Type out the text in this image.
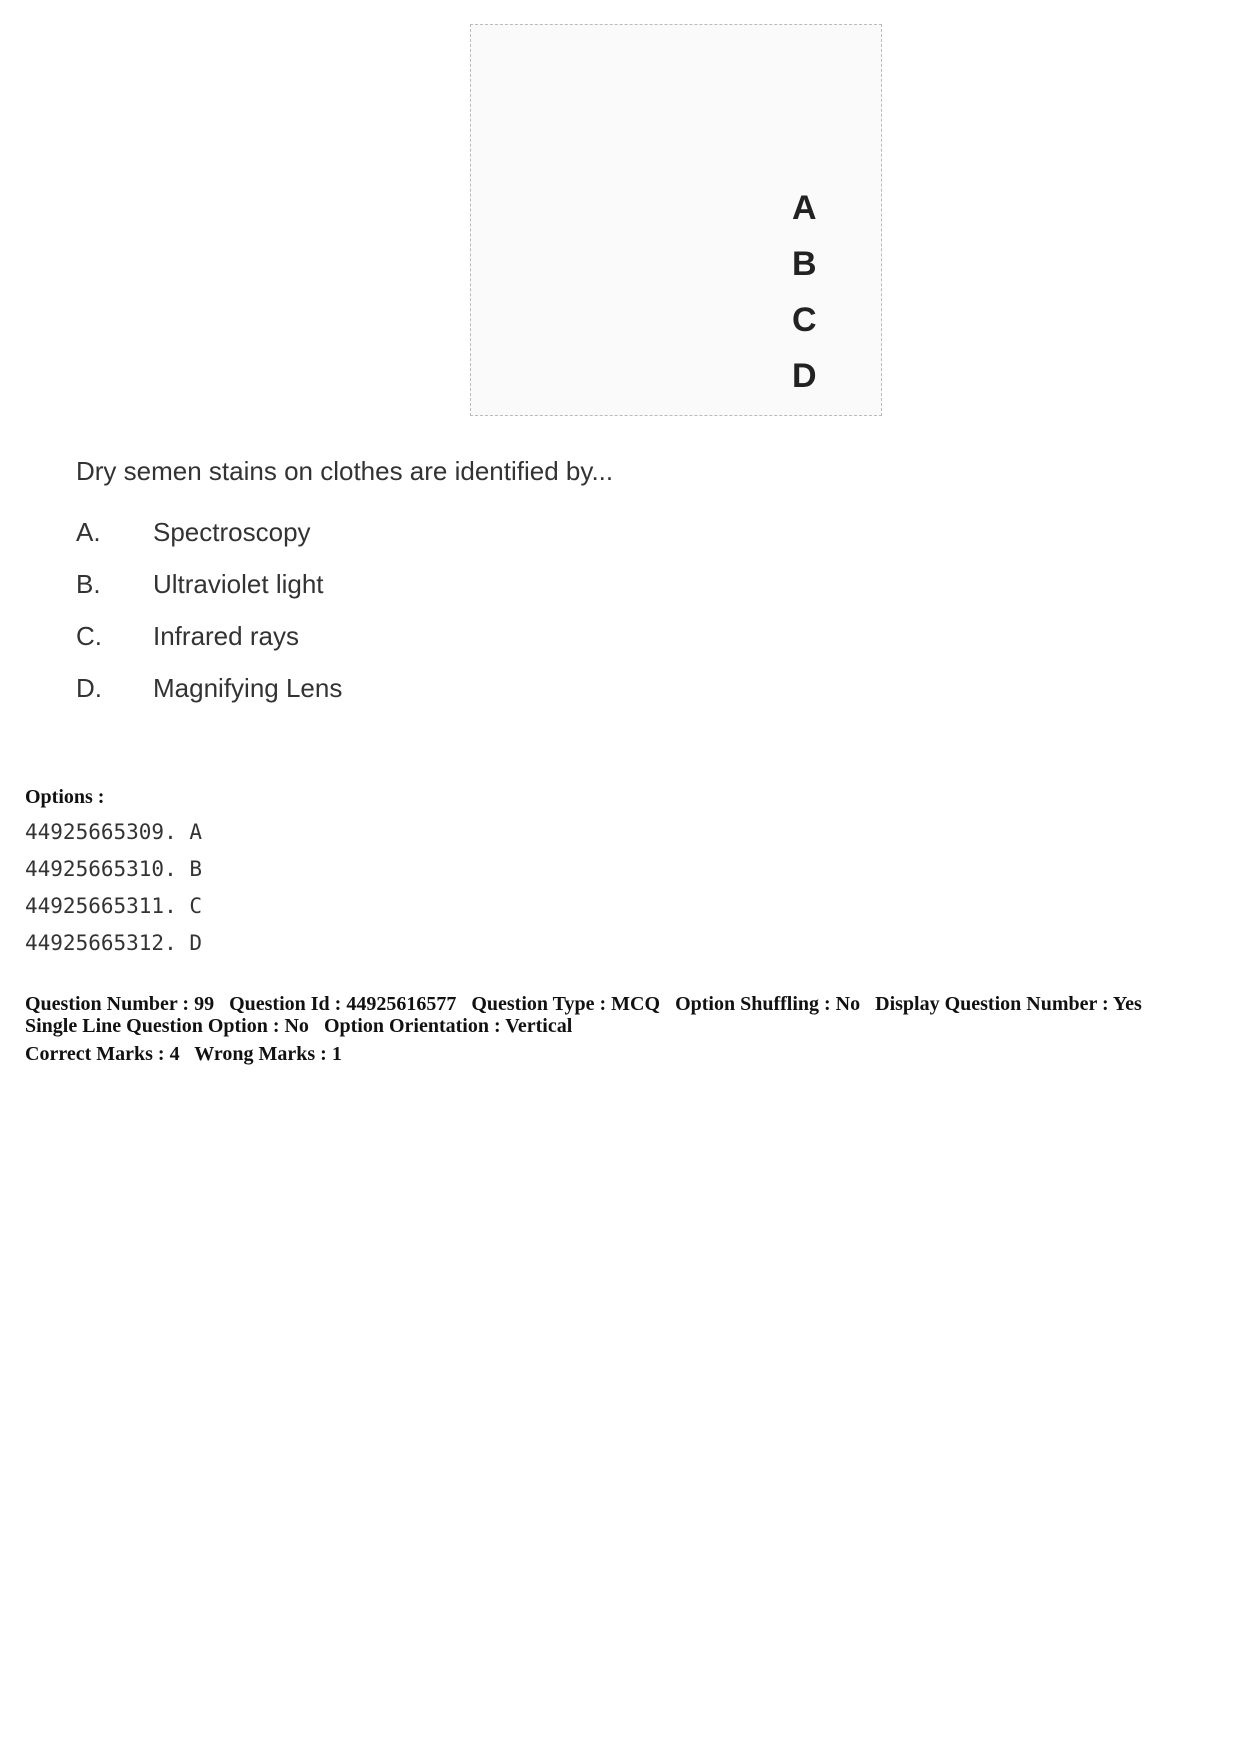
A
B
C
D
Dry semen stains on clothes are identified by...
A.	Spectroscopy
B.	Ultraviolet light
C.	Infrared rays
D.	Magnifying Lens
Options :
44925665309. A
44925665310. B
44925665311. C
44925665312. D
Question Number : 99 Question Id : 44925616577 Question Type : MCQ Option Shuffling : No Display Question Number : Yes
Single Line Question Option : No Option Orientation : Vertical
Correct Marks : 4 Wrong Marks : 1
